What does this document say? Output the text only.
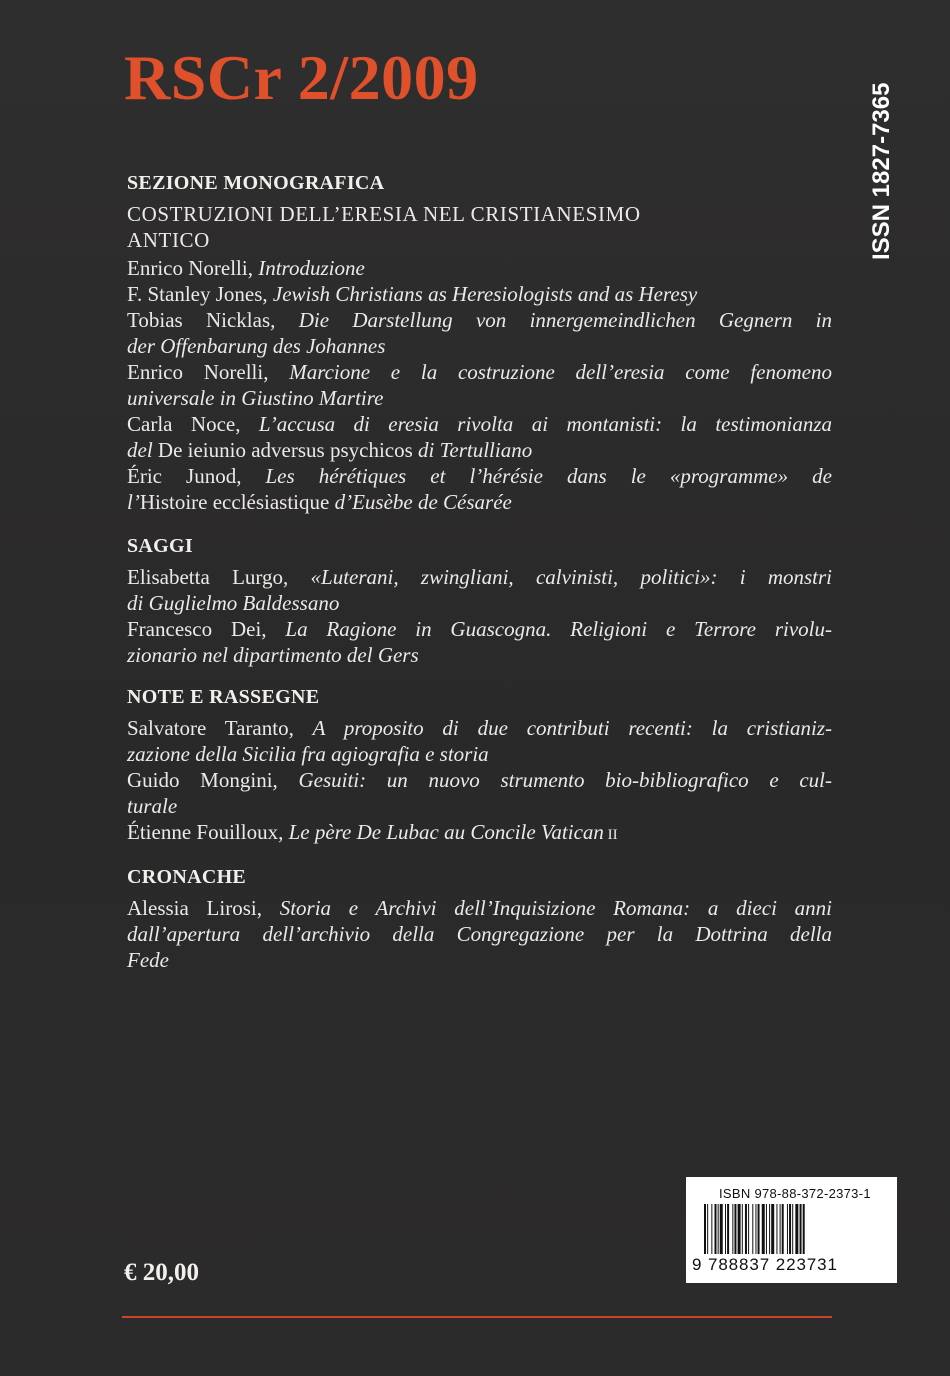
RSCr 2/2009
ISSN 1827-7365
SEZIONE MONOGRAFICA
COSTRUZIONI DELL’ERESIA NEL CRISTIANESIMO
ANTICO
Enrico Norelli, Introduzione
F. Stanley Jones, Jewish Christians as Heresiologists and as Heresy
Tobias Nicklas, Die Darstellung von innergemeindlichen Gegnern in
der Offenbarung des Johannes
Enrico Norelli, Marcione e la costruzione dell’eresia come fenomeno
universale in Giustino Martire
Carla Noce, L’accusa di eresia rivolta ai montanisti: la testimonianza
del De ieiunio adversus psychicos di Tertulliano
Éric Junod, Les hérétiques et l’hérésie dans le «programme» de
l’Histoire ecclésiastique d’Eusèbe de Césarée
SAGGI
Elisabetta Lurgo, «Luterani, zwingliani, calvinisti, politici»: i monstri
di Guglielmo Baldessano
Francesco Dei, La Ragione in Guascogna. Religioni e Terrore rivolu-
zionario nel dipartimento del Gers
NOTE E RASSEGNE
Salvatore Taranto, A proposito di due contributi recenti: la cristianiz-
zazione della Sicilia fra agiografia e storia
Guido Mongini, Gesuiti: un nuovo strumento bio-bibliografico e cul-
turale
Étienne Fouilloux, Le père De Lubac au Concile Vatican II
CRONACHE
Alessia Lirosi, Storia e Archivi dell’Inquisizione Romana: a dieci anni
dall’apertura dell’archivio della Congregazione per la Dottrina della
Fede
ISBN 978-88-372-2373-1
9 788837 223731
€ 20,00
